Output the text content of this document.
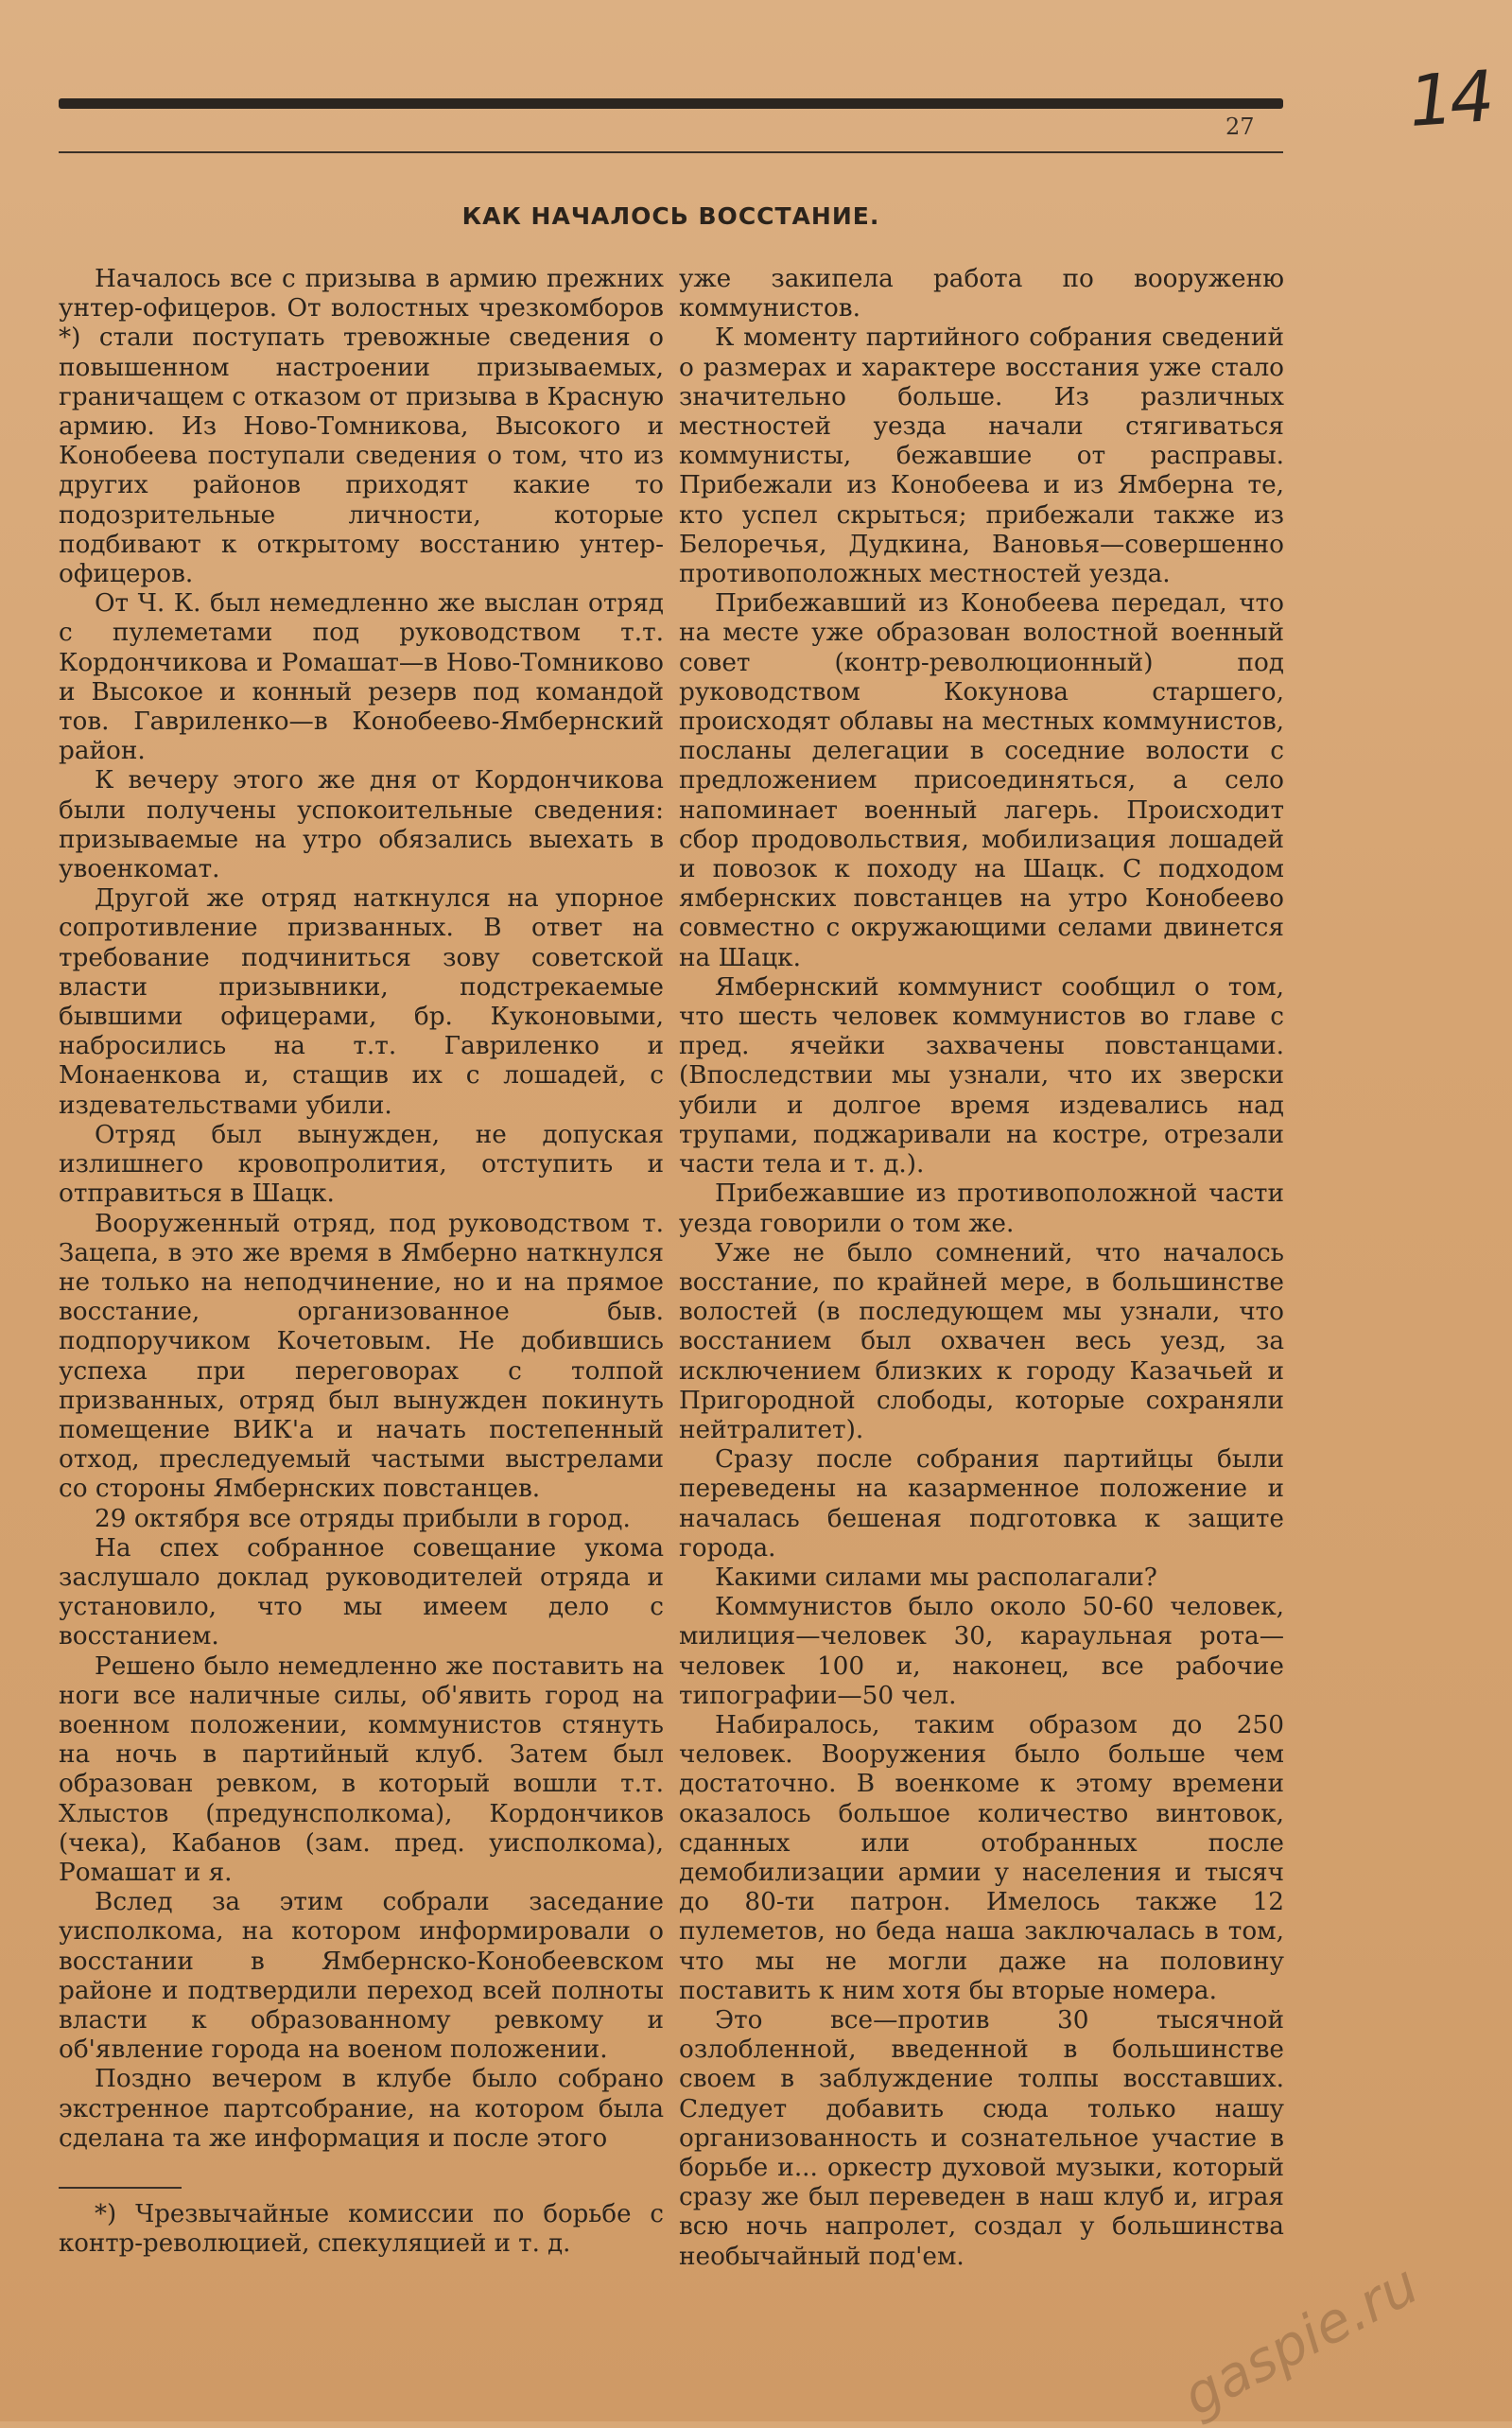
14
27
КАК НАЧАЛОСЬ ВОССТАНИЕ.

Началось все с призыва в армию прежних унтер-офицеров. От волостных чрезкомборов *) стали поступать тревожные сведения о повышенном настроении призываемых, граничащем с отказом от призыва в Красную армию. Из Ново-Томникова, Высокого и Конобеева поступали сведения о том, что из других районов приходят какие то подозрительные личности, которые подбивают к открытому восстанию унтер-офицеров.

От Ч. К. был немедленно же выслан отряд с пулеметами под руководством т.т. Кордончикова и Ромашат—в Ново-Томниково и Высокое и конный резерв под командой тов. Гавриленко—в Конобеево-Ямбернский район.

К вечеру этого же дня от Кордончикова были получены успокоительные сведения: призываемые на утро обязались выехать в увоенкомат.

Другой же отряд наткнулся на упорное сопротивление призванных. В ответ на требование подчиниться зову советской власти призывники, подстрекаемые бывшими офицерами, бр. Куконовыми, набросились на т.т. Гавриленко и Монаенкова и, стащив их с лошадей, с издевательствами убили.

Отряд был вынужден, не допуская излишнего кровопролития, отступить и отправиться в Шацк.

Вооруженный отряд, под руководством т. Зацепа, в это же время в Ямберно наткнулся не только на неподчинение, но и на прямое восстание, организованное быв. подпоручиком Кочетовым. Не добившись успеха при переговорах с толпой призванных, отряд был вынужден покинуть помещение ВИК'а и начать постепенный отход, преследуемый частыми выстрелами со стороны Ямбернских повстанцев.

29 октября все отряды прибыли в город.

На спех собранное совещание укома заслушало доклад руководителей отряда и установило, что мы имеем дело с восстанием.

Решено было немедленно же поставить на ноги все наличные силы, об'явить город на военном положении, коммунистов стянуть на ночь в партийный клуб. Затем был образован ревком, в который вошли т.т. Хлыстов (предунсполкома), Кордончиков (чека), Кабанов (зам. пред. уисполкома), Ромашат и я.

Вслед за этим собрали заседание уисполкома, на котором информировали о восстании в Ямбернско-Конобеевском районе и подтвердили переход всей полноты власти к образованному ревкому и об'явление города на военом положении.

Поздно вечером в клубе было собрано экстренное партсобрание, на котором была сделана та же информация и после этого

уже закипела работа по вооруженю коммунистов.

К моменту партийного собрания сведений о размерах и характере восстания уже стало значительно больше. Из различных местностей уезда начали стягиваться коммунисты, бежавшие от расправы. Прибежали из Конобеева и из Ямберна те, кто успел скрыться; прибежали также из Белоречья, Дудкина, Вановья—совершенно противоположных местностей уезда.

Прибежавший из Конобеева передал, что на месте уже образован волостной военный совет (контр-революционный) под руководством Кокунова старшего, происходят облавы на местных коммунистов, посланы делегации в соседние волости с предложением присоединяться, а село напоминает военный лагерь. Происходит сбор продовольствия, мобилизация лошадей и повозок к походу на Шацк. С подходом ямбернских повстанцев на утро Конобеево совместно с окружающими селами двинется на Шацк.

Ямбернский коммунист сообщил о том, что шесть человек коммунистов во главе с пред. ячейки захвачены повстанцами. (Впоследствии мы узнали, что их зверски убили и долгое время издевались над трупами, поджаривали на костре, отрезали части тела и т. д.).

Прибежавшие из противоположной части уезда говорили о том же.

Уже не было сомнений, что началось восстание, по крайней мере, в большинстве волостей (в последующем мы узнали, что восстанием был охвачен весь уезд, за исключением близких к городу Казачьей и Пригородной слободы, которые сохраняли нейтралитет).

Сразу после собрания партийцы были переведены на казарменное положение и началась бешеная подготовка к защите города.

Какими силами мы располагали?

Коммунистов было около 50-60 человек, милиция—человек 30, караульная рота—человек 100 и, наконец, все рабочие типографии—50 чел.

Набиралось, таким образом до 250 человек. Вооружения было больше чем достаточно. В военкоме к этому времени оказалось большое количество винтовок, сданных или отобранных после демобилизации армии у населения и тысяч до 80-ти патрон. Имелось также 12 пулеметов, но беда наша заключалась в том, что мы не могли даже на половину поставить к ним хотя бы вторые номера.

Это все—против 30 тысячной озлобленной, введенной в большинстве своем в заблуждение толпы восставших. Следует добавить сюда только нашу организованность и сознательное участие в борьбе и... оркестр духовой музыки, который сразу же был переведен в наш клуб и, играя всю ночь напролет, создал у большинства необычайный под'ем.

*) Чрезвычайные комиссии по борьбе с контр-революцией, спекуляцией и т. д.

gaspie.ru
